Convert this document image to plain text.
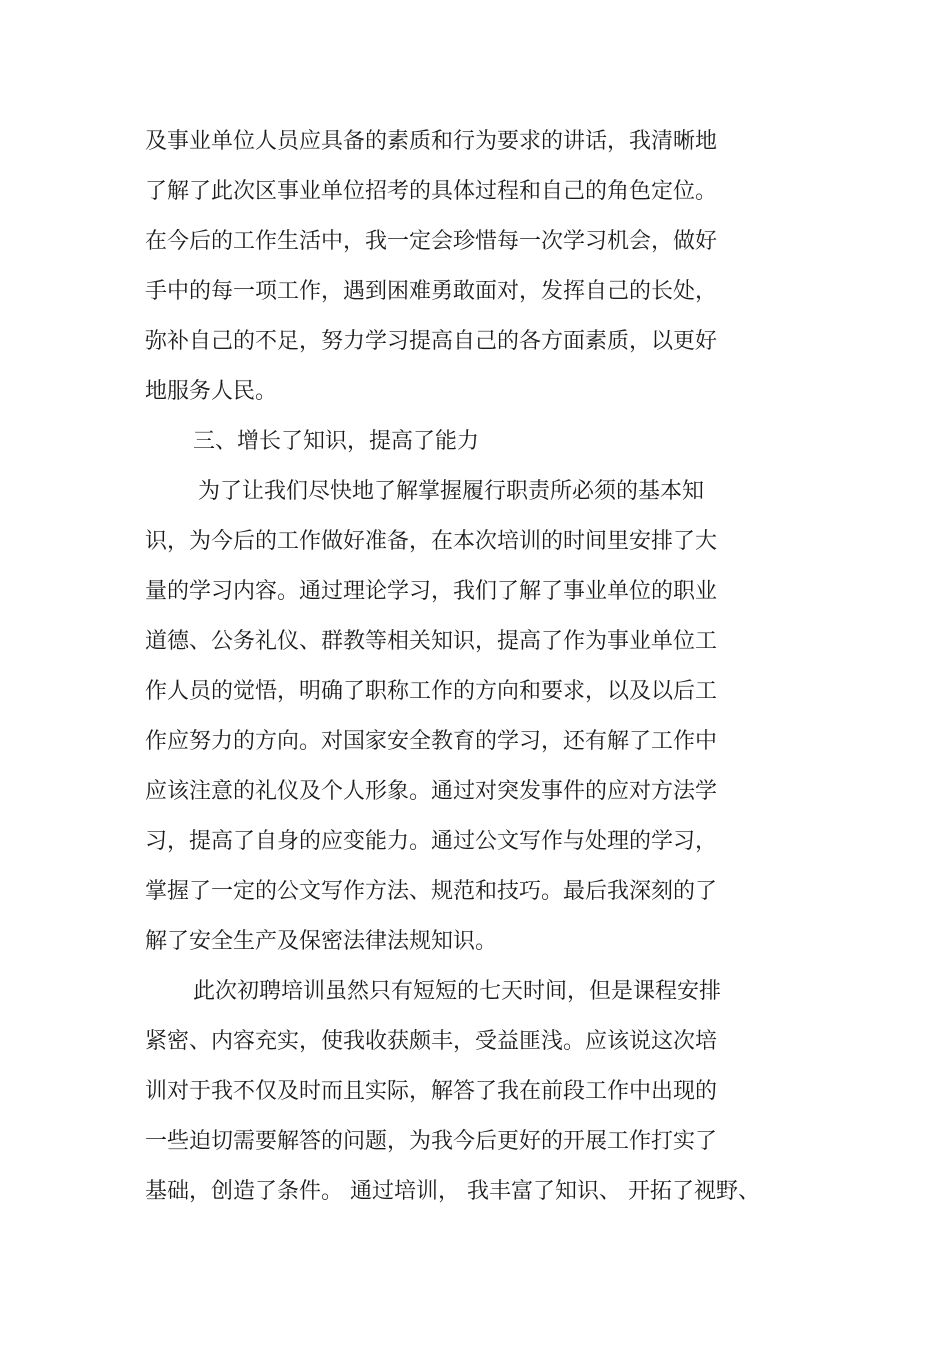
及事业单位人员应具备的素质和行为要求的讲话，我清晰地
了解了此次区事业单位招考的具体过程和自己的角色定位。
在今后的工作生活中，我一定会珍惜每一次学习机会，做好
手中的每一项工作，遇到困难勇敢面对，发挥自己的长处，
弥补自己的不足，努力学习提高自己的各方面素质，以更好
地服务人民。
三、增长了知识，提高了能力
为了让我们尽快地了解掌握履行职责所必须的基本知
识，为今后的工作做好准备，在本次培训的时间里安排了大
量的学习内容。通过理论学习，我们了解了事业单位的职业
道德、公务礼仪、群教等相关知识，提高了作为事业单位工
作人员的觉悟，明确了职称工作的方向和要求，以及以后工
作应努力的方向。对国家安全教育的学习，还有解了工作中
应该注意的礼仪及个人形象。通过对突发事件的应对方法学
习，提高了自身的应变能力。通过公文写作与处理的学习，
掌握了一定的公文写作方法、规范和技巧。最后我深刻的了
解了安全生产及保密法律法规知识。
此次初聘培训虽然只有短短的七天时间，但是课程安排
紧密、内容充实，使我收获颇丰，受益匪浅。应该说这次培
训对于我不仅及时而且实际，解答了我在前段工作中出现的
一些迫切需要解答的问题，为我今后更好的开展工作打实了
基础，创造了条件。 通过培训， 我丰富了知识、 开拓了视野、
